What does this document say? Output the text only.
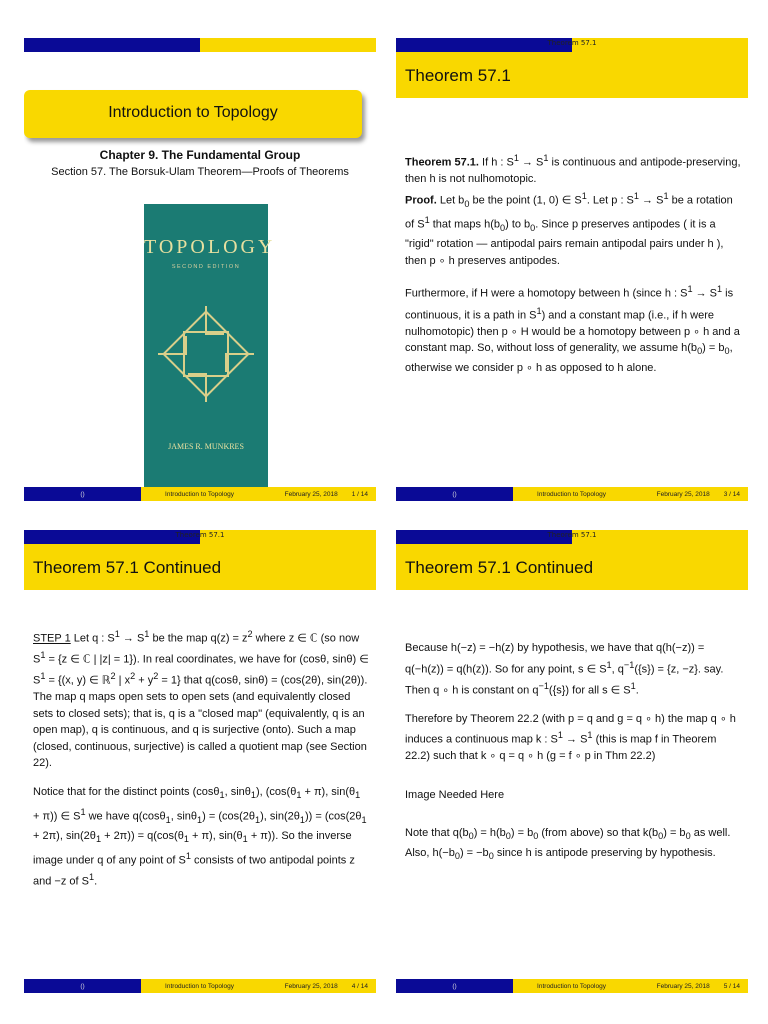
Introduction to Topology
Chapter 9. The Fundamental Group
Section 57. The Borsuk-Ulam Theorem—Proofs of Theorems
TOPOLOGY
SECOND EDITION
JAMES R. MUNKRES
()	Introduction to Topology	February 25, 2018 1 / 14
Theorem 57.1
Theorem 57.1

Theorem 57.1. If h : $S^1 \to S^1$ is continuous and antipode-preserving, then h is not nulhomotopic.

Proof. Let $b_0$ be the point (1, 0) ∈ $S^1$. Let p : $S^1 \to S^1$ be a rotation of $S^1$ that maps $h(b_0)$ to $b_0$. Since p preserves antipodes ( it is a "rigid" rotation — antipodal pairs remain antipodal pairs under h ), then p ∘ h preserves antipodes.

Furthermore, if H were a homotopy between h (since h : $S^1 \to S^1$ is continuous, it is a path in $S^1$) and a constant map (i.e., if h were nulhomotopic) then p ∘ H would be a homotopy between p ∘ h and a constant map. So, without loss of generality, we assume $h(b_0) = b_0$, otherwise we consider p ∘ h as opposed to h alone.

()	Introduction to Topology	February 25, 2018 3 / 14
Theorem 57.1
Theorem 57.1 Continued

STEP 1 Let q : $S^1 \to S^1$ be the map $q(z) = z^2$ where z ∈ ℂ (so now $S^1 = \{z$ ∈ ℂ | |z| = 1}). In real coordinates, we have for (cosθ, sinθ) ∈ $S^1 = \{(x$, y) ∈ ℝ$^2$ | $x^2 + y^2 = 1$} that q(cosθ, sinθ) = (cos(2θ), sin(2θ)). The map q maps open sets to open sets (and equivalently closed sets to closed sets); that is, q is a "closed map" (equivalently, q is an open map), q is continuous, and q is surjective (onto). Such a map (closed, continuous, surjective) is called a quotient map (see Section 22).

Notice that for the distinct points (cosθ$_1$, sinθ$_1$), ($\cos(\theta_1 + \pi)$, $\sin(\theta_1 + \pi)$) ∈ $S^1$ we have q(cosθ$_1$, $\sin\theta_1) = (\cos(2\theta_1)$, $\sin(2\theta_1)) = (\cos(2\theta_1 + 2\pi)$, $\sin(2\theta_1 + 2\pi)) = q(\cos(\theta_1 + \pi)$, $\sin(\theta_1 + \pi)$). So the inverse image under q of any point of $S^1$ consists of two antipodal points z and −z of $S^1$.

()	Introduction to Topology	February 25, 2018 4 / 14
Theorem 57.1
Theorem 57.1 Continued

Because h(−z) = −h(z) by hypothesis, we have that q(h(−z)) = q(−h(z)) = q(h(z)). So for any point, s ∈ $S^1$, $q^{-1}(\{s\}) = \{z$, −z}. say. Then q ∘ h is constant on $q^{-1}(\{s\})$ for all s ∈ $S^1$.

Therefore by Theorem 22.2 (with p = q and g = q ∘ h) the map q ∘ h induces a continuous map k : $S^1 \to S^1$ (this is map f in Theorem 22.2) such that k ∘ q = q ∘ h (g = f ∘ p in Thm 22.2)

Image Needed Here

Note that $q(b_0) = h(b_0) = b_0$ (from above) so that $k(b_0) = b_0$ as well. Also, $h(-b_0) = -b_0$ since h is antipode preserving by hypothesis.

()	Introduction to Topology	February 25, 2018 5 / 14
